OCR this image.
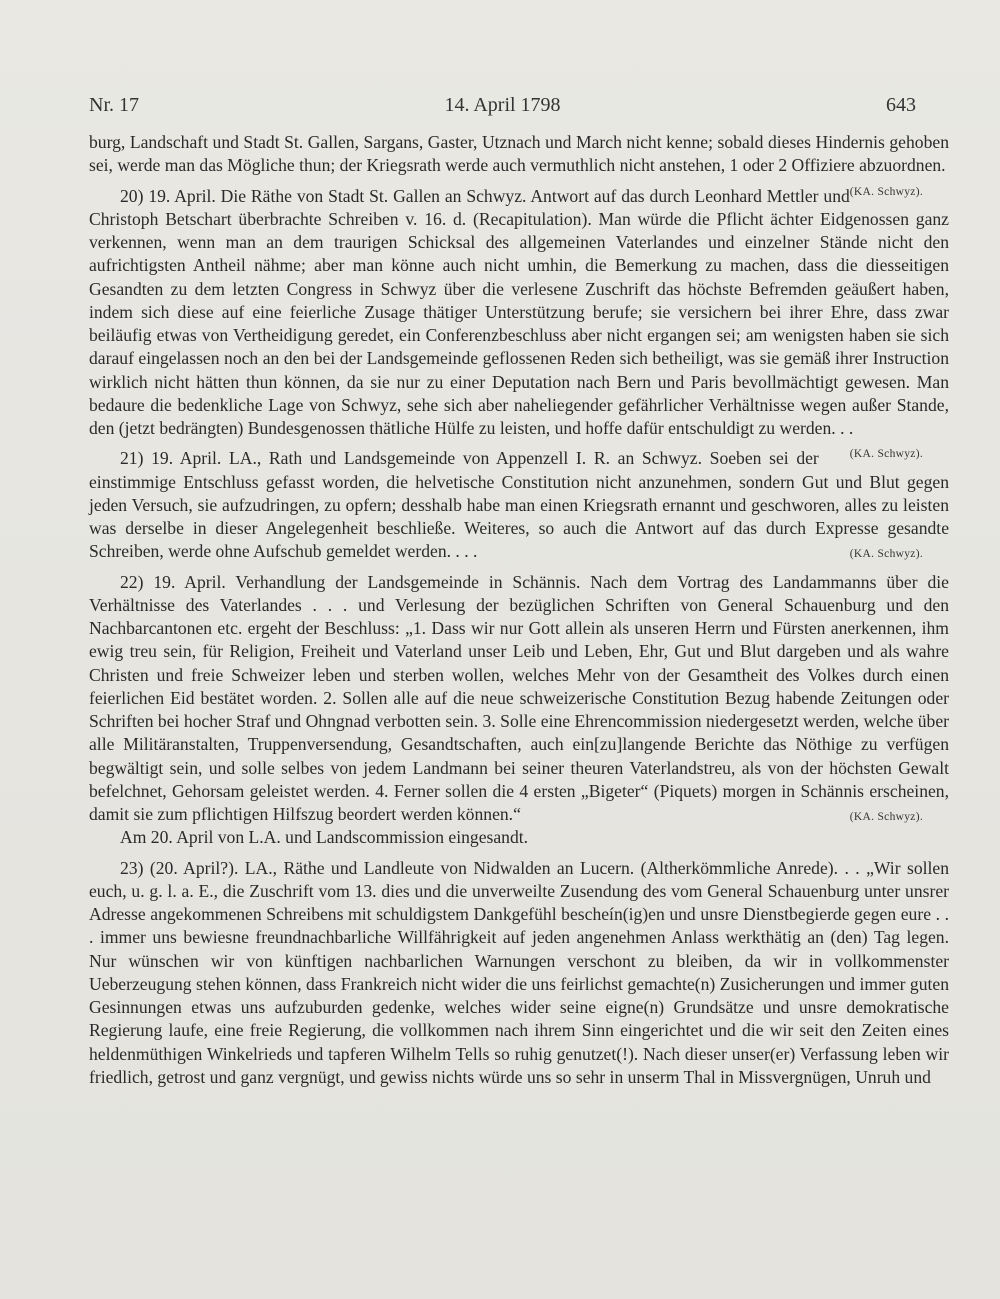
Nr. 17	14. April 1798	643

burg, Landschaft und Stadt St. Gallen, Sargans, Gaster, Utznach und March nicht kenne; sobald dieses Hindernis gehoben sei, werde man das Mögliche thun; der Kriegsrath werde auch vermuthlich nicht anstehen, 1 oder 2 Offiziere abzuordnen.
(KA. Schwyz).

20) 19. April. Die Räthe von Stadt St. Gallen an Schwyz. Antwort auf das durch Leonhard Mettler und Christoph Betschart überbrachte Schreiben v. 16. d. (Recapitulation). Man würde die Pflicht ächter Eidgenossen ganz verkennen, wenn man an dem traurigen Schicksal des allgemeinen Vaterlandes und einzelner Stände nicht den aufrichtigsten Antheil nähme; aber man könne auch nicht umhin, die Bemerkung zu machen, dass die diesseitigen Gesandten zu dem letzten Congress in Schwyz über die verlesene Zuschrift das höchste Befremden geäußert haben, indem sich diese auf eine feierliche Zusage thätiger Unterstützung berufe; sie versichern bei ihrer Ehre, dass zwar beiläufig etwas von Vertheidigung geredet, ein Conferenzbeschluss aber nicht ergangen sei; am wenigsten haben sie sich darauf eingelassen noch an den bei der Landsgemeinde geflossenen Reden sich betheiligt, was sie gemäß ihrer Instruction wirklich nicht hätten thun können, da sie nur zu einer Deputation nach Bern und Paris bevollmächtigt gewesen. Man bedaure die bedenkliche Lage von Schwyz, sehe sich aber naheliegender gefährlicher Verhältnisse wegen außer Stande, den (jetzt bedrängten) Bundesgenossen thätliche Hülfe zu leisten, und hoffe dafür entschuldigt zu werden. . .
(KA. Schwyz).

21) 19. April. LA., Rath und Landsgemeinde von Appenzell I. R. an Schwyz. Soeben sei der einstimmige Entschluss gefasst worden, die helvetische Constitution nicht anzunehmen, sondern Gut und Blut gegen jeden Versuch, sie aufzudringen, zu opfern; desshalb habe man einen Kriegsrath ernannt und geschworen, alles zu leisten was derselbe in dieser Angelegenheit beschließe. Weiteres, so auch die Antwort auf das durch Expresse gesandte Schreiben, werde ohne Aufschub gemeldet werden. . . .	(KA. Schwyz).

22) 19. April. Verhandlung der Landsgemeinde in Schännis. Nach dem Vortrag des Landammanns über die Verhältnisse des Vaterlandes . . . und Verlesung der bezüglichen Schriften von General Schauenburg und den Nachbarcantonen etc. ergeht der Beschluss: „1. Dass wir nur Gott allein als unseren Herrn und Fürsten anerkennen, ihm ewig treu sein, für Religion, Freiheit und Vaterland unser Leib und Leben, Ehr, Gut und Blut dargeben und als wahre Christen und freie Schweizer leben und sterben wollen, welches Mehr von der Gesamtheit des Volkes durch einen feierlichen Eid bestätet worden. 2. Sollen alle auf die neue schweizerische Constitution Bezug habende Zeitungen oder Schriften bei hocher Straf und Ohngnad verbotten sein. 3. Solle eine Ehrencommission niedergesetzt werden, welche über alle Militäranstalten, Truppenversendung, Gesandtschaften, auch ein[zu]langende Berichte das Nöthige zu verfügen begwältigt sein, und solle selbes von jedem Landmann bei seiner theuren Vaterlandstreu, als von der höchsten Gewalt befelchnet, Gehorsam geleistet werden. 4. Ferner sollen die 4 ersten „Bigeter“ (Piquets) morgen in Schännis erscheinen, damit sie zum pflichtigen Hilfszug beordert werden können.“	(KA. Schwyz).

Am 20. April von L.A. und Landscommission eingesandt.

23) (20. April?). LA., Räthe und Landleute von Nidwalden an Lucern. (Altherkömmliche Anrede). . . „Wir sollen euch, u. g. l. a. E., die Zuschrift vom 13. dies und die unverweilte Zusendung des vom General Schauenburg unter unsrer Adresse angekommenen Schreibens mit schuldigstem Dankgefühl bescheín(ig)en und unsre Dienstbegierde gegen eure . . . immer uns bewiesne freundnachbarliche Willfährigkeit auf jeden angenehmen Anlass werkthätig an (den) Tag legen. Nur wünschen wir von künftigen nachbarlichen Warnungen verschont zu bleiben, da wir in vollkommenster Ueberzeugung stehen können, dass Frankreich nicht wider die uns feirlichst gemachte(n) Zusicherungen und immer guten Gesinnungen etwas uns aufzuburden gedenke, welches wider seine eigne(n) Grundsätze und unsre demokratische Regierung laufe, eine freie Regierung, die vollkommen nach ihrem Sinn eingerichtet und die wir seit den Zeiten eines heldenmüthigen Winkelrieds und tapferen Wilhelm Tells so ruhig genutzet(!). Nach dieser unser(er) Verfassung leben wir friedlich, getrost und ganz vergnügt, und gewiss nichts würde uns so sehr in unserm Thal in Missvergnügen, Unruh und
